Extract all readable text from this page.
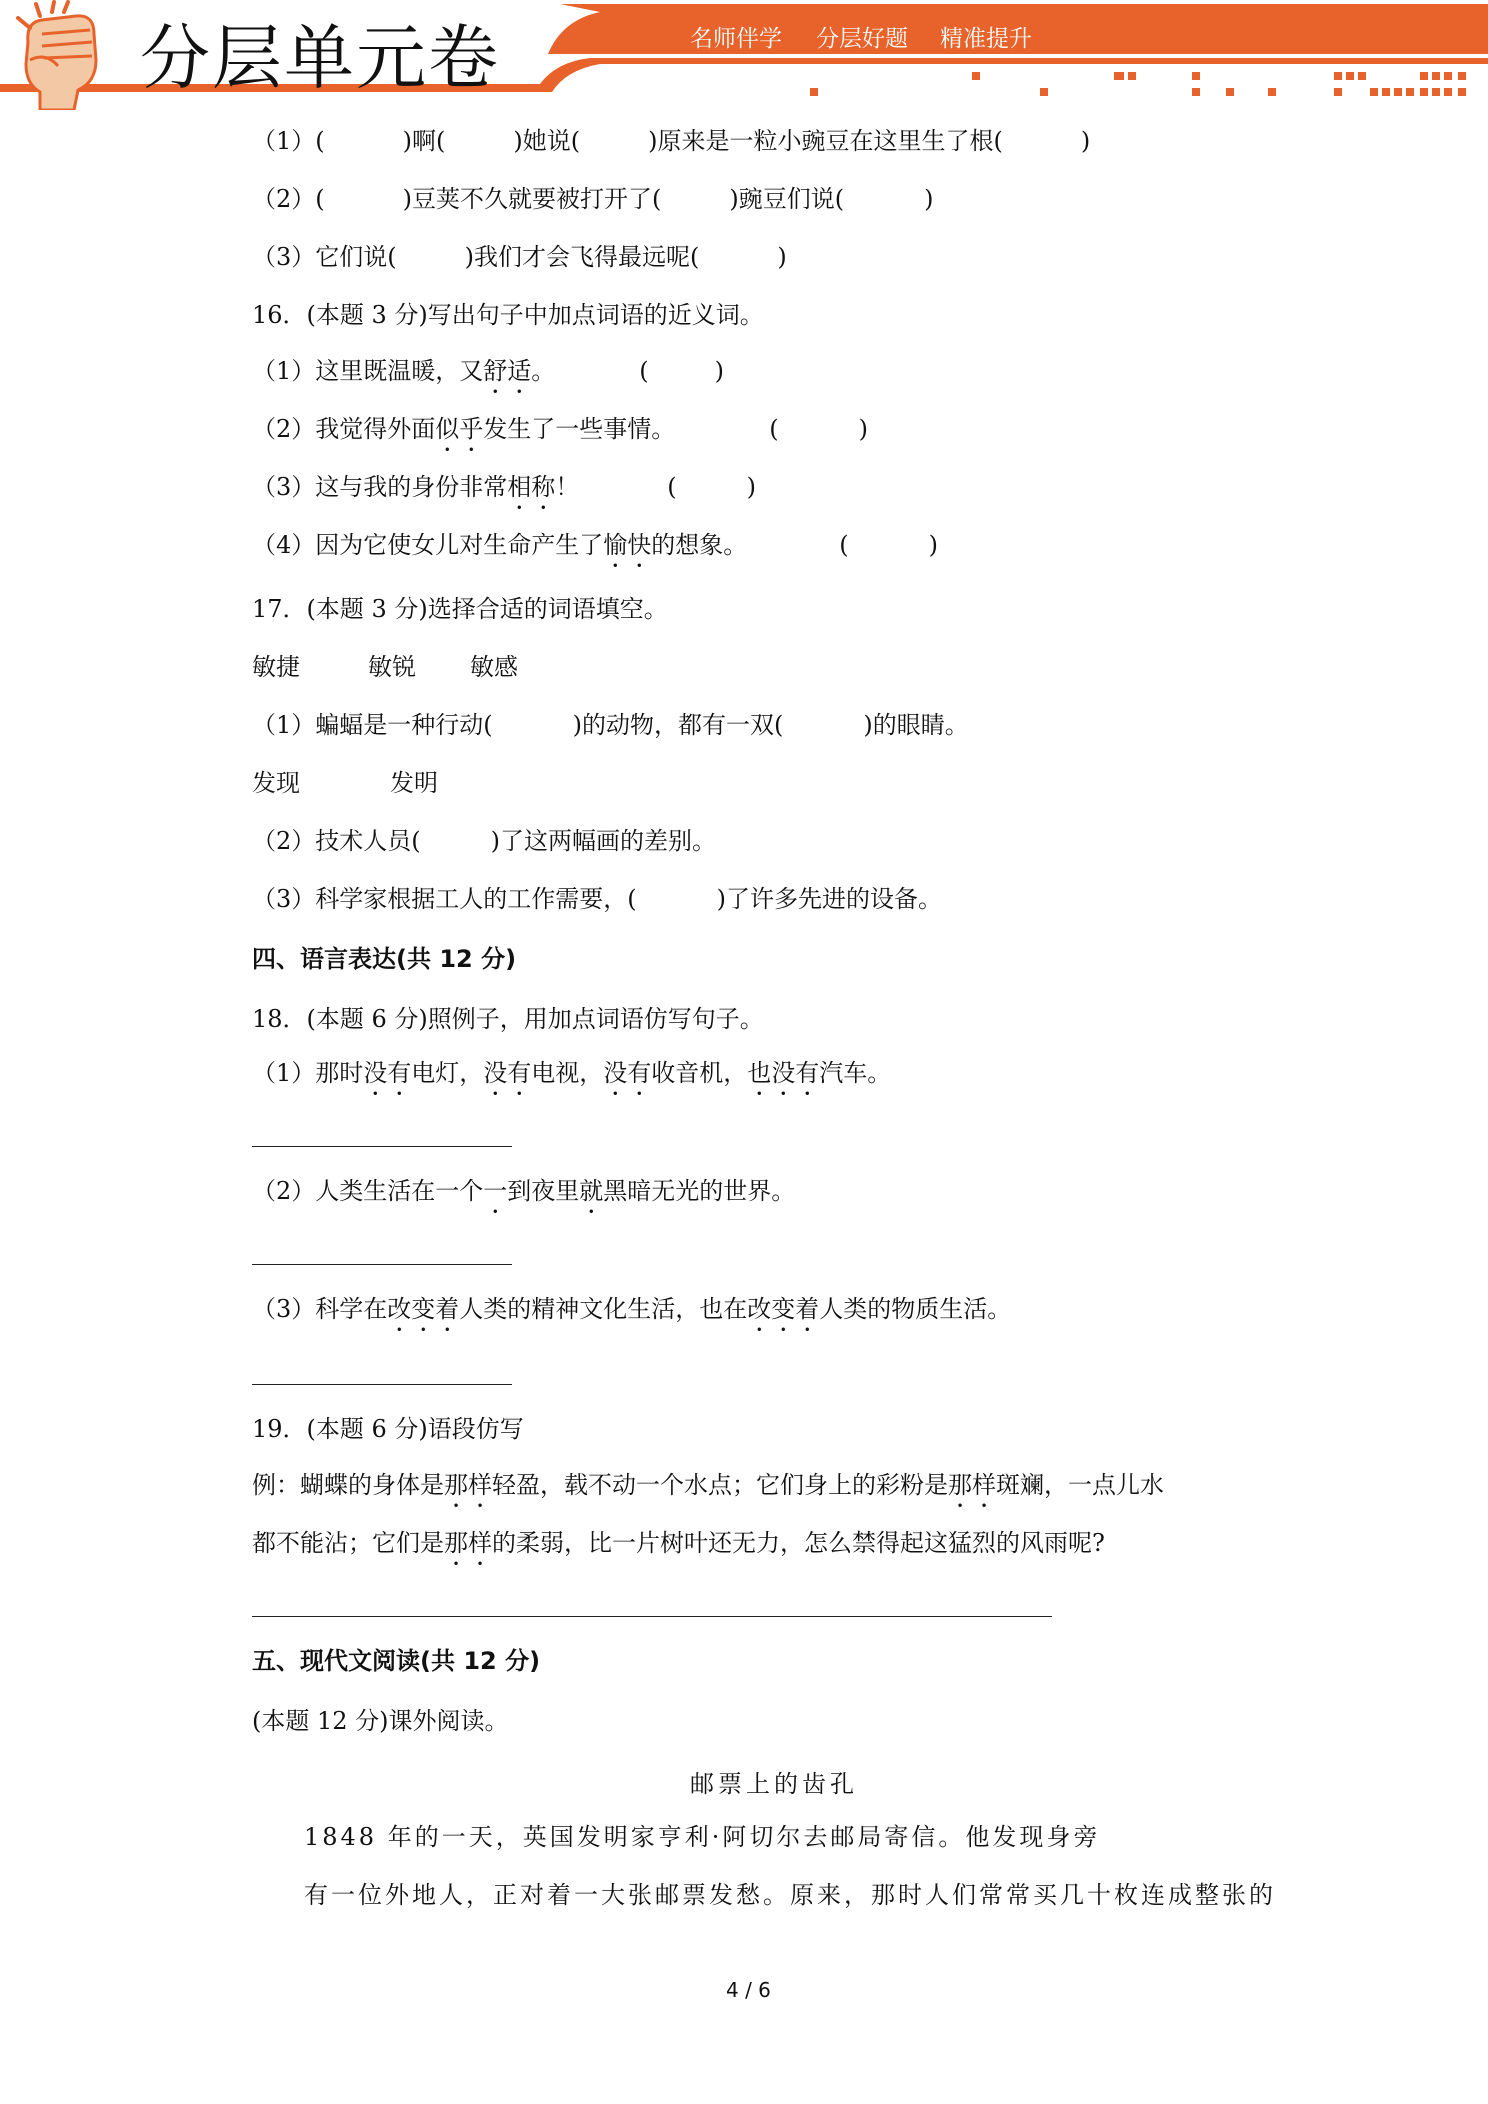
分层单元卷	名师伴学 分层好题 精准提升
（1）(	)啊(	)她说(	)原来是一粒小豌豆在这里生了根(	)
（2）(	)豆荚不久就要被打开了(	)豌豆们说(	)
（3）它们说(	)我们才会飞得最远呢(	)
16．(本题 3 分)写出句子中加点词语的近义词。
（1）这里既温暖，又舒适。	(	)
（2）我觉得外面似乎发生了一些事情。	(	)
（3）这与我的身份非常相称！	(	)
（4）因为它使女儿对生命产生了愉快的想象。	(	)
17．(本题 3 分)选择合适的词语填空。
敏捷	敏锐 敏感
（1）蝙蝠是一种行动(	)的动物，都有一双(	)的眼睛。
发现	发明
（2）技术人员(	)了这两幅画的差别。
（3）科学家根据工人的工作需要，(	)了许多先进的设备。
四、语言表达(共 12 分)
18．(本题 6 分)照例子，用加点词语仿写句子。
（1）那时没有电灯，没有电视，没有收音机，也没有汽车。
（2）人类生活在一个一到夜里就黑暗无光的世界。
（3）科学在改变着人类的精神文化生活，也在改变着人类的物质生活。
19．(本题 6 分)语段仿写
例：蝴蝶的身体是那样轻盈，载不动一个水点；它们身上的彩粉是那样斑斓，一点儿水
都不能沾；它们是那样的柔弱，比一片树叶还无力，怎么禁得起这猛烈的风雨呢?
五、现代文阅读(共 12 分)
(本题 12 分)课外阅读。
邮票上的齿孔
1848 年的一天，英国发明家亨利·阿切尔去邮局寄信。他发现身旁
有一位外地人，正对着一大张邮票发愁。原来，那时人们常常买几十枚连成整张的
4 / 6
